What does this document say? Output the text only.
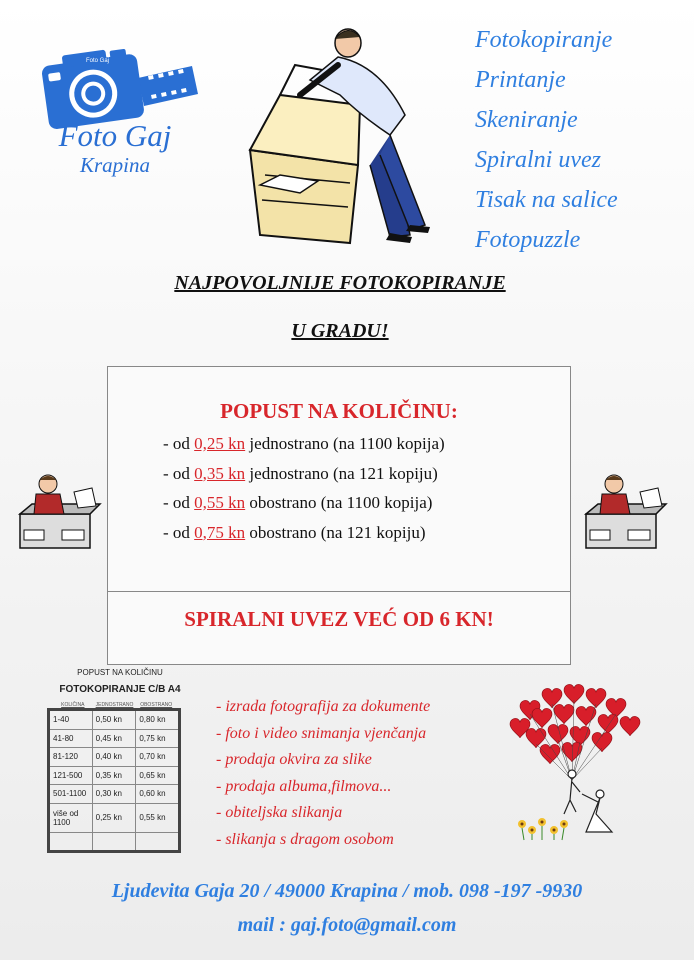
Foto Gaj
Foto Gaj
Krapina
Fotokopiranje
Printanje
Skeniranje
Spiralni uvez
Tisak na salice
Fotopuzzle
NAJPOVOLJNIJE FOTOKOPIRANJE
U GRADU!
POPUST NA KOLIČINU:
- od 0,25 kn jednostrano (na 1100 kopija)
- od 0,35 kn jednostrano (na 121 kopiju)
- od 0,55 kn obostrano (na 1100 kopija)
- od 0,75 kn obostrano (na 121 kopiju)
SPIRALNI UVEZ VEĆ OD 6 KN!
POPUST NA KOLIČINU
FOTOKOPIRANJE C/B A4
KOLIČINA	JEDNOSTRANO	OBOSTRANO
1-40	0,50 kn	0,80 kn
41-80	0,45 kn	0,75 kn
81-120	0,40 kn	0,70 kn
121-500	0,35 kn	0,65 kn
501-1100	0,30 kn	0,60 kn
više od 1100	0,25 kn	0,55 kn

- izrada fotografija za dokumente
- foto i video snimanja vjenčanja
- prodaja okvira za slike
- prodaja albuma,filmova...
- obiteljska slikanja
- slikanja s dragom osobom
Ljudevita Gaja 20 / 49000 Krapina / mob. 098 -197 -9930
mail : gaj.foto@gmail.com
